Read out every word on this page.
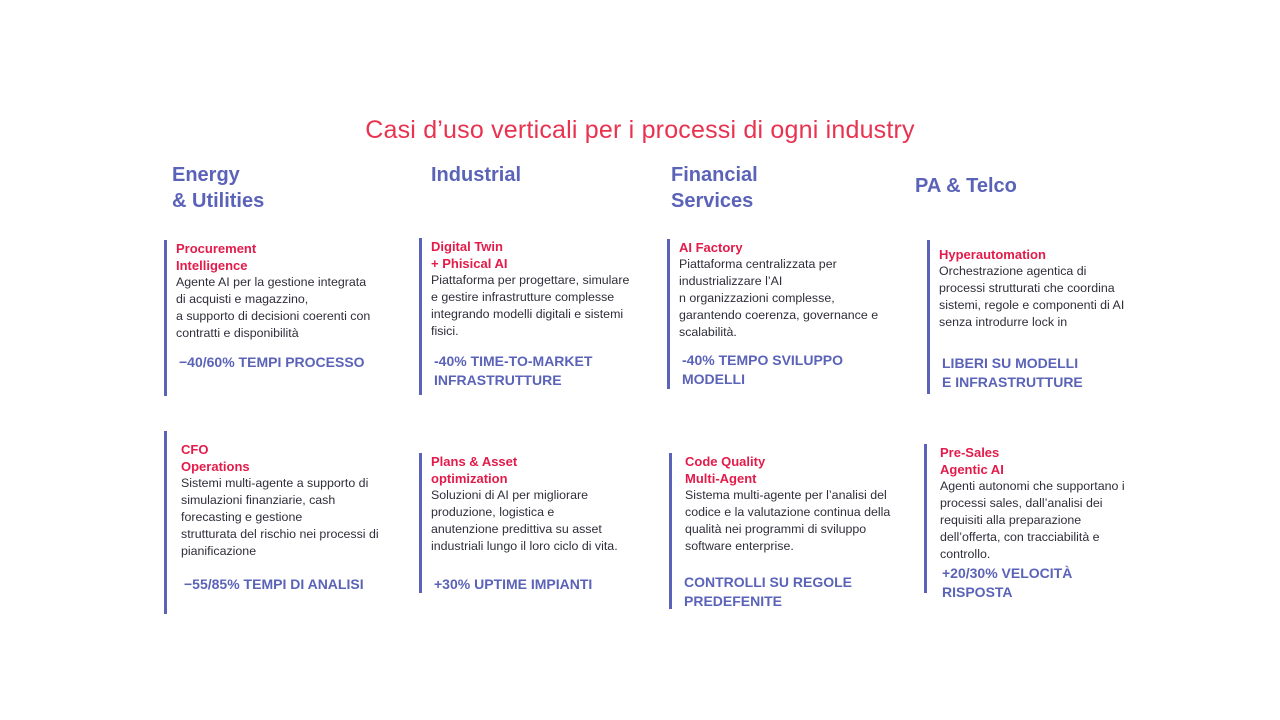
Casi d’uso verticali per i processi di ogni industry
Energy
& Utilities
Industrial	Financial
Services
PA & Telco
Procurement
Intelligence
Agente AI per la gestione integrata
di acquisti e magazzino,
a supporto di decisioni coerenti con
contratti e disponibilità
−40/60% TEMPI PROCESSO
Digital Twin
+ Phisical AI
Piattaforma per progettare, simulare
e gestire infrastrutture complesse
integrando modelli digitali e sistemi
fisici.
-40% TIME-TO-MARKET
INFRASTRUTTURE
AI Factory
Piattaforma centralizzata per
industrializzare l’AI
n organizzazioni complesse,
garantendo coerenza, governance e
scalabilità.
-40% TEMPO SVILUPPO
MODELLI
Hyperautomation
Orchestrazione agentica di
processi strutturati che coordina
sistemi, regole e componenti di AI
senza introdurre lock in
LIBERI SU MODELLI
E INFRASTRUTTURE
CFO
Operations
Sistemi multi-agente a supporto di
simulazioni finanziarie, cash
forecasting e gestione
strutturata del rischio nei processi di
pianificazione
−55/85% TEMPI DI ANALISI
Plans & Asset
optimization
Soluzioni di AI per migliorare
produzione, logistica e
anutenzione predittiva su asset
industriali lungo il loro ciclo di vita.
+30% UPTIME IMPIANTI
Code Quality
Multi-Agent
Sistema multi-agente per l’analisi del
codice e la valutazione continua della
qualità nei programmi di sviluppo
software enterprise.
CONTROLLI SU REGOLE
PREDEFENITE
Pre-Sales
Agentic AI
Agenti autonomi che supportano i
processi sales, dall’analisi dei
requisiti alla preparazione
dell’offerta, con tracciabilità e
controllo.
+20/30% VELOCITÀ
RISPOSTA
